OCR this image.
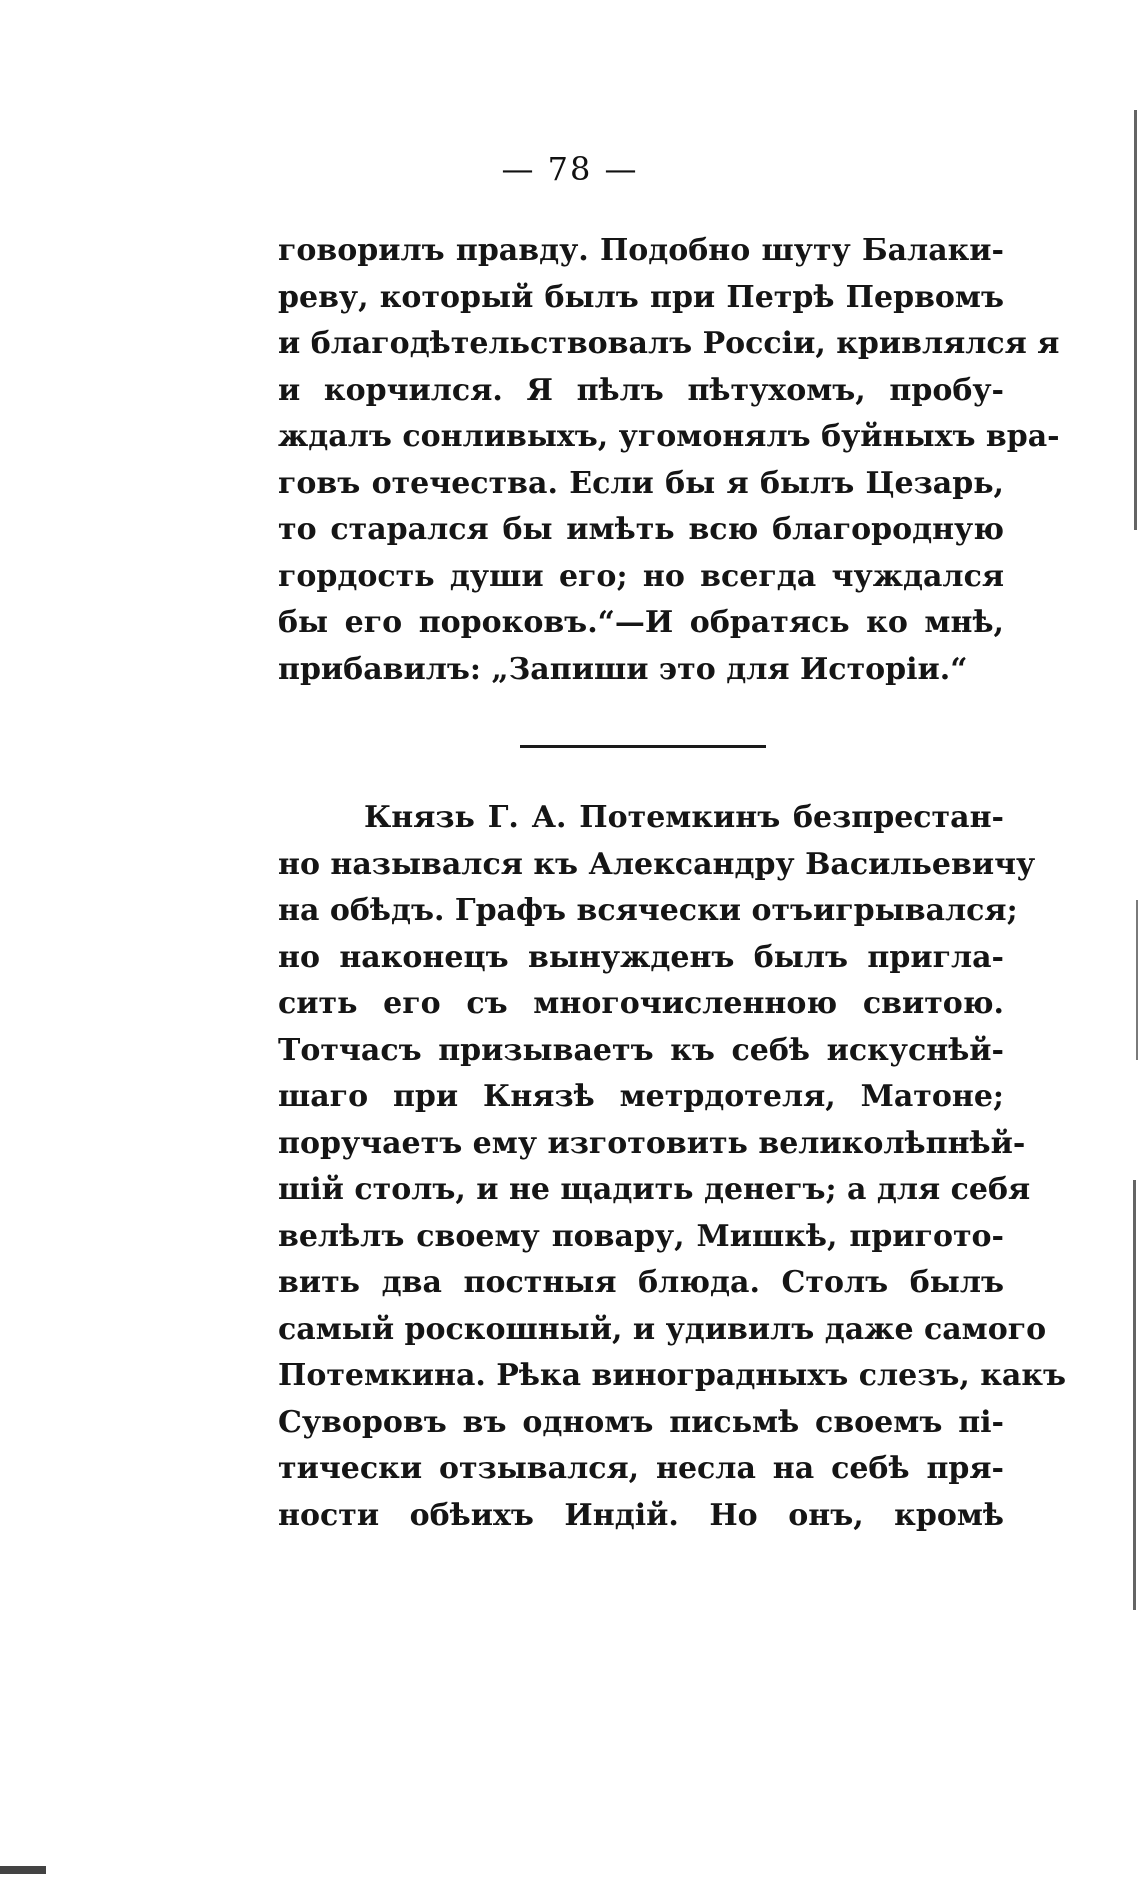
— 78 —
говорилъ правду. Подобно шуту Балаки-
реву, который былъ при Петрѣ Первомъ
и благодѣтельствовалъ Россіи, кривлялся я
и корчился. Я пѣлъ пѣтухомъ, пробу-
ждалъ сонливыхъ, угомонялъ буйныхъ вра-
говъ отечества. Если бы я былъ Цезарь,
то старался бы имѣть всю благородную
гордость души его; но всегда чуждался
бы его пороковъ.“—И обратясь ко мнѣ,
прибавилъ: „Запиши это для Исторіи.“
Князь Г. А. Потемкинъ безпрестан-
но назывался къ Александру Васильевичу
на обѣдъ. Графъ всячески отъигрывался;
но наконецъ вынужденъ былъ пригла-
сить его съ многочисленною свитою.
Тотчасъ призываетъ къ себѣ искуснѣй-
шаго при Князѣ метрдотеля, Матоне;
поручаетъ ему изготовить великолѣпнѣй-
шій столъ, и не щадить денегъ; а для себя
велѣлъ своему повару, Мишкѣ, пригото-
вить два постныя блюда. Столъ былъ
самый роскошный, и удивилъ даже самого
Потемкина. Рѣка виноградныхъ слезъ, какъ
Суворовъ въ одномъ письмѣ своемъ пі-
тически отзывался, несла на себѣ пря-
ности обѣихъ Индій. Но онъ, кромѣ
